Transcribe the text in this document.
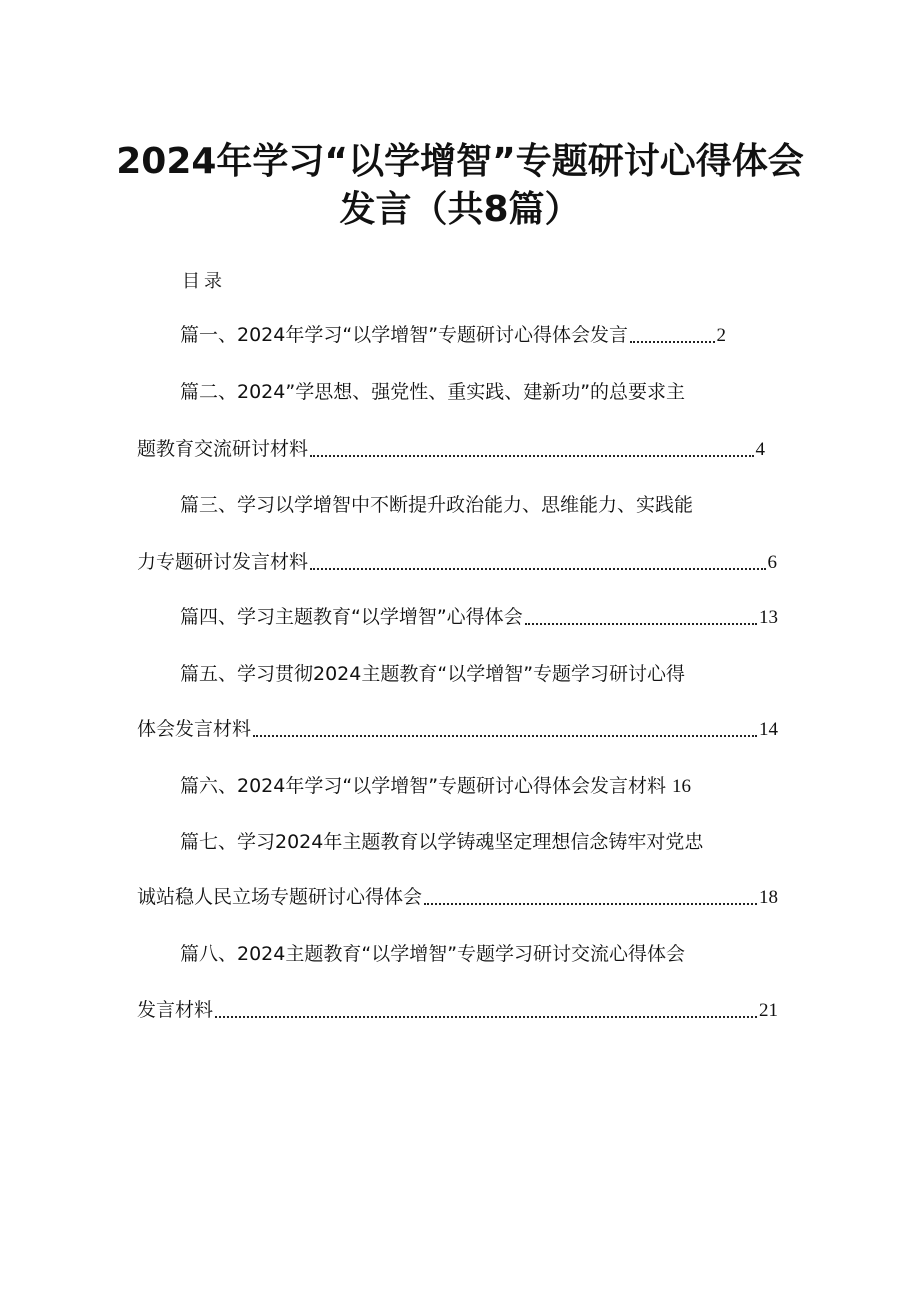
2024年学习“以学增智”专题研讨心得体会
发言（共8篇）
目录
篇一、2024年学习“以学增智”专题研讨心得体会发言	2
篇二、2024”学思想、强党性、重实践、建新功”的总要求主
题教育交流研讨材料	4
篇三、学习以学增智中不断提升政治能力、思维能力、实践能
力专题研讨发言材料	6
篇四、学习主题教育“以学增智”心得体会	13
篇五、学习贯彻2024主题教育“以学增智”专题学习研讨心得
体会发言材料	14
篇六、2024年学习“以学增智”专题研讨心得体会发言材料 16
篇七、学习2024年主题教育以学铸魂坚定理想信念铸牢对党忠
诚站稳人民立场专题研讨心得体会	18
篇八、2024主题教育“以学增智”专题学习研讨交流心得体会
发言材料	21
